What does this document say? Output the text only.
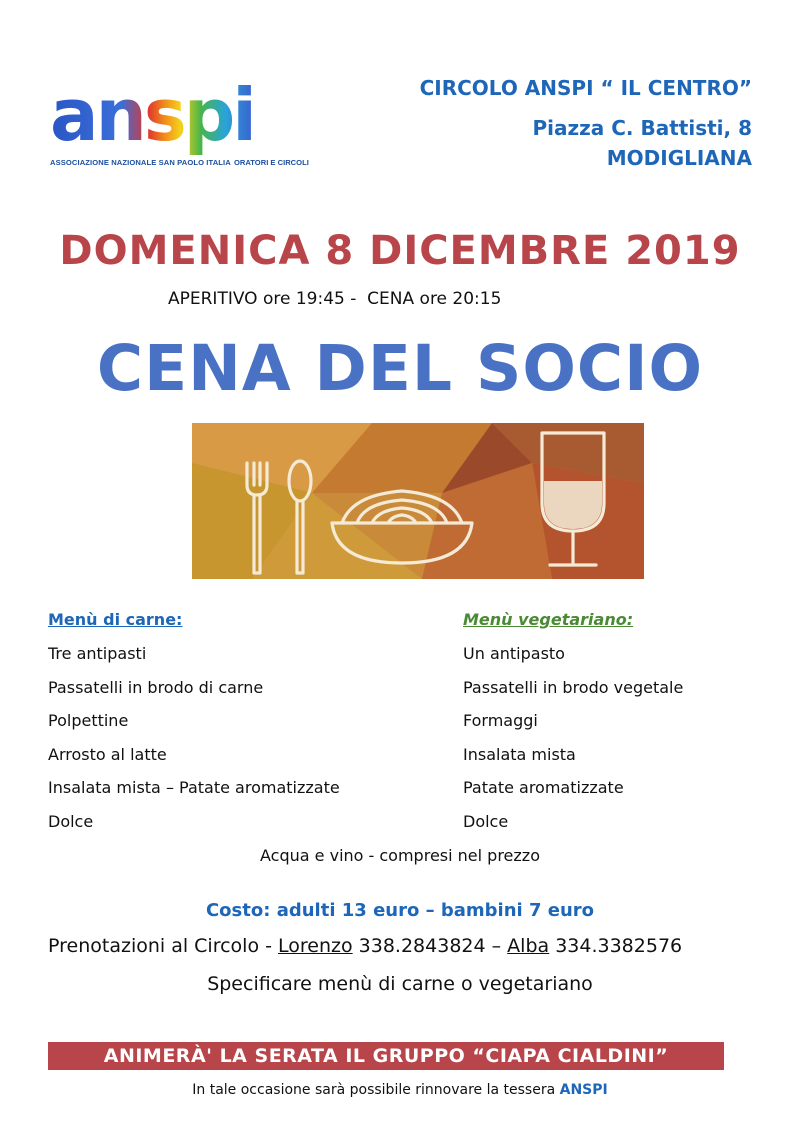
anspi
ASSOCIAZIONE NAZIONALE SAN PAOLO ITALIA ORATORI E CIRCOLI
CIRCOLO ANSPI “ IL CENTRO”
Piazza C. Battisti, 8
MODIGLIANA
DOMENICA 8 DICEMBRE 2019
APERITIVO ore 19:45 -  CENA ore 20:15
CENA DEL SOCIO
Menù di carne:
Tre antipasti
Passatelli in brodo di carne
Polpettine
Arrosto al latte
Insalata mista – Patate aromatizzate
Dolce
Menù vegetariano:
Un antipasto
Passatelli in brodo vegetale
Formaggi
Insalata mista
Patate aromatizzate
Dolce
Acqua e vino - compresi nel prezzo
Costo: adulti 13 euro – bambini 7 euro
Prenotazioni al Circolo - Lorenzo 338.2843824 – Alba 334.3382576
Specificare menù di carne o vegetariano
ANIMERÀ' LA SERATA IL GRUPPO “CIAPA CIALDINI”
In tale occasione sarà possibile rinnovare la tessera ANSPI
